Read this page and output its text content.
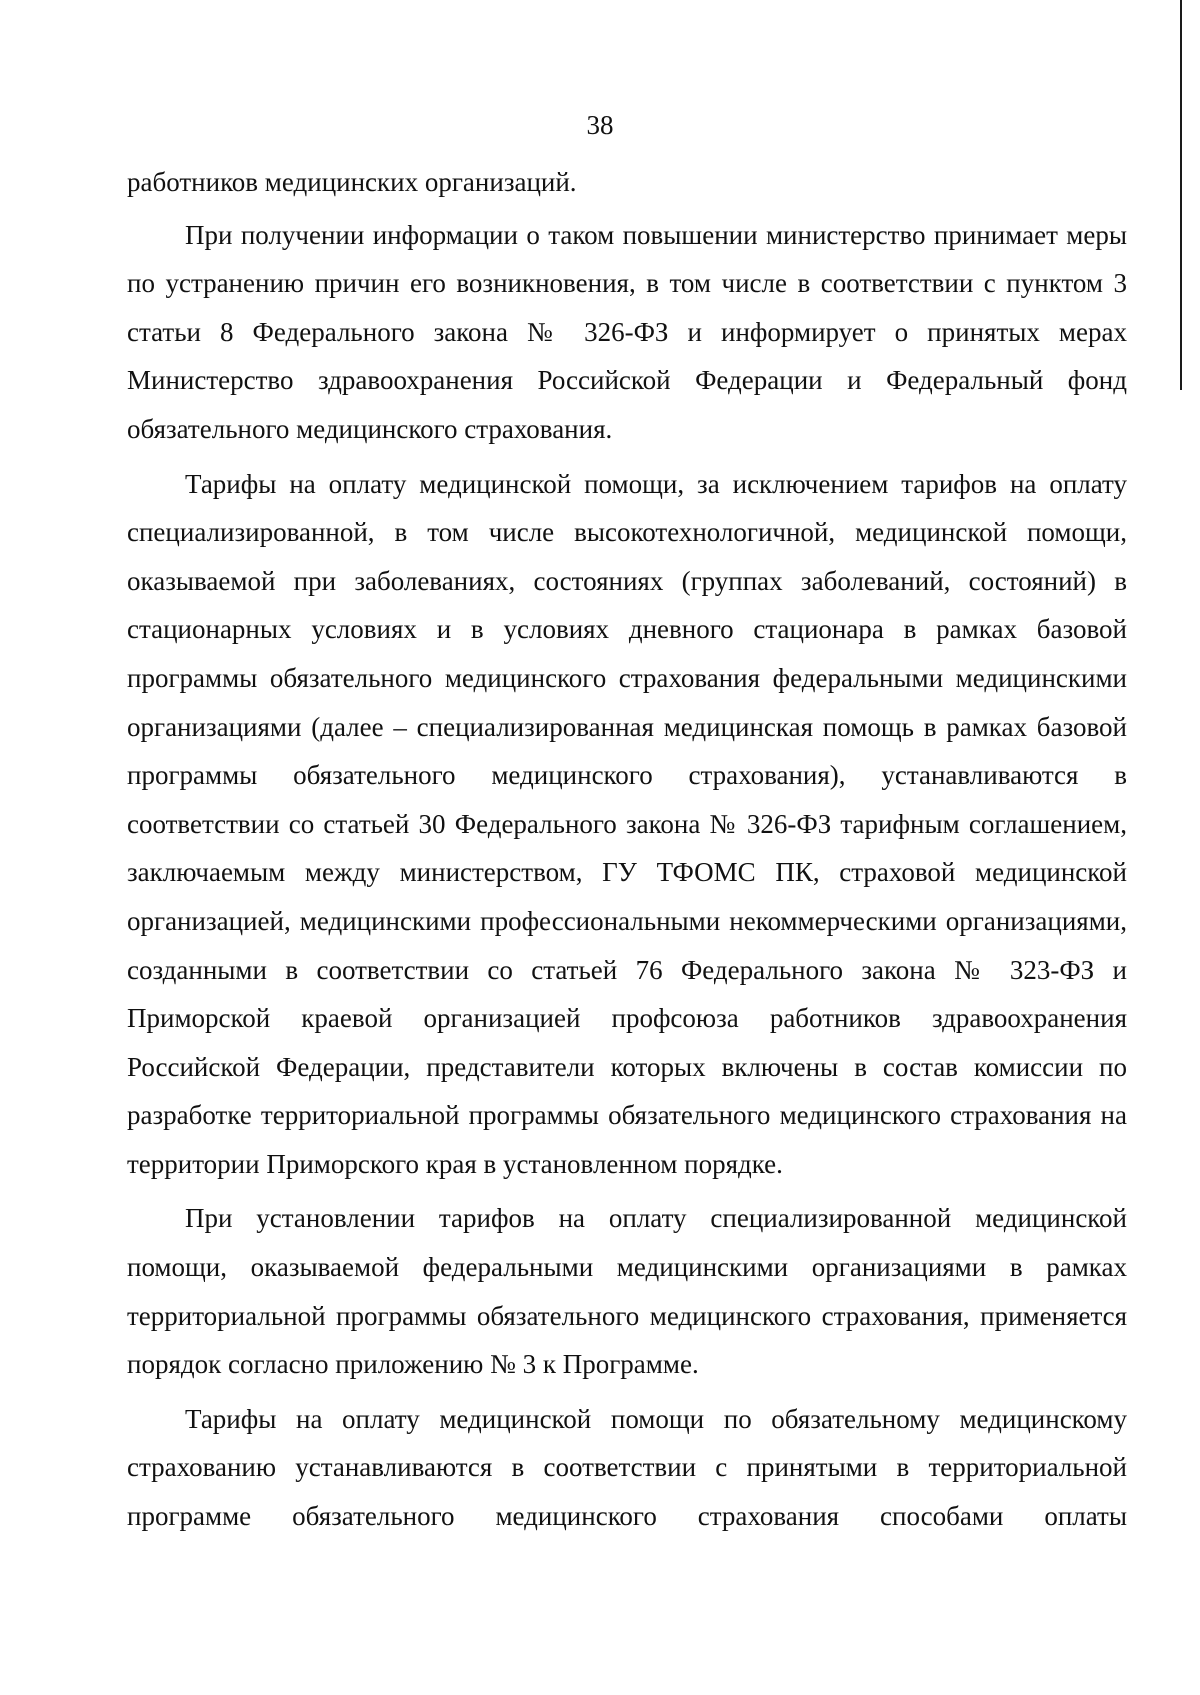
38

работников медицинских организаций.

При получении информации о таком повышении министерство принимает меры по устранению причин его возникновения, в том числе в соответствии с пунктом 3 статьи 8 Федерального закона № 326-ФЗ и информирует о принятых мерах Министерство здравоохранения Российской Федерации и Федеральный фонд обязательного медицинского страхования.

Тарифы на оплату медицинской помощи, за исключением тарифов на оплату специализированной, в том числе высокотехнологичной, медицинской помощи, оказываемой при заболеваниях, состояниях (группах заболеваний, состояний) в стационарных условиях и в условиях дневного стационара в рамках базовой программы обязательного медицинского страхования федеральными медицинскими организациями (далее – специализированная медицинская помощь в рамках базовой программы обязательного медицинского страхования), устанавливаются в соответствии со статьей 30 Федерального закона № 326-ФЗ тарифным соглашением, заключаемым между министерством, ГУ ТФОМС ПК, страховой медицинской организацией, медицинскими профессиональными некоммерческими организациями, созданными в соответствии со статьей 76 Федерального закона № 323-ФЗ и Приморской краевой организацией профсоюза работников здравоохранения Российской Федерации, представители которых включены в состав комиссии по разработке территориальной программы обязательного медицинского страхования на территории Приморского края в установленном порядке.

При установлении тарифов на оплату специализированной медицинской помощи, оказываемой федеральными медицинскими организациями в рамках территориальной программы обязательного медицинского страхования, применяется порядок согласно приложению № 3 к Программе.

Тарифы на оплату медицинской помощи по обязательному медицинскому страхованию устанавливаются в соответствии с принятыми в территориальной программе обязательного медицинского страхования способами оплаты
